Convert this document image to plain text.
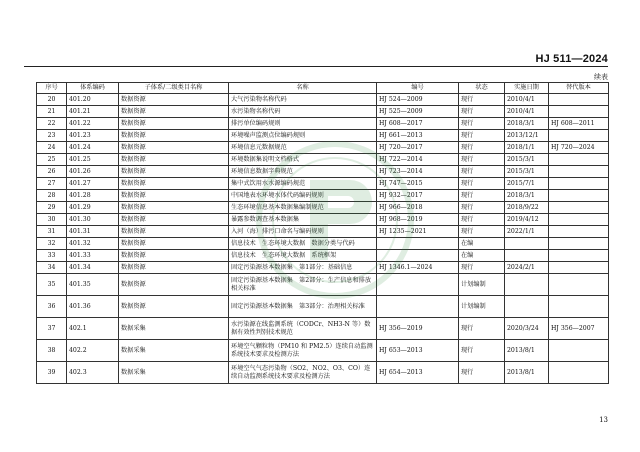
HJ 511—2024
续表
序号	体系编码	子体系/二级类目名称	名称	编号	状态	实施日期	替代版本
20	401.20	数据资源	大气污染物名称代码	HJ 524—2009	现行	2010/4/1	
21	401.21	数据资源	水污染物名称代码	HJ 525—2009	现行	2010/4/1	
22	401.22	数据资源	排污单位编码规则	HJ 608—2017	现行	2018/3/1	HJ 608—2011
23	401.23	数据资源	环境噪声监测点位编码规则	HJ 661—2013	现行	2013/12/1	
24	401.24	数据资源	环境信息元数据规范	HJ 720—2017	现行	2018/1/1	HJ 720—2024
25	401.25	数据资源	环境数据集说明文档格式	HJ 722—2014	现行	2015/3/1	
26	401.26	数据资源	环境信息数据字典规范	HJ 723—2014	现行	2015/3/1	
27	401.27	数据资源	集中式饮用水水源编码规范	HJ 747—2015	现行	2015/7/1	
28	401.28	数据资源	中国地表水环境水体代码编码规则	HJ 932—2017	现行	2018/3/1	
29	401.29	数据资源	生态环境信息基本数据集编制规范	HJ 966—2018	现行	2018/9/22	
30	401.30	数据资源	暴露参数调查基本数据集	HJ 968—2019	现行	2019/4/12	
31	401.31	数据资源	入河（海）排污口命名与编码规则	HJ 1235—2021	现行	2022/1/1	
32	401.32	数据资源	信息技术　生态环境大数据　数据分类与代码		在编		
33	401.33	数据资源	信息技术　生态环境大数据　系统框架		在编		
34	401.34	数据资源	固定污染源基本数据集　第1部分：基础信息	HJ 1346.1—2024	现行	2024/2/1	
35	401.35	数据资源	固定污染源基本数据集　第2部分：生产信息和排放相关标准		计划编制		
36	401.36	数据资源	固定污染源基本数据集　第3部分：治理相关标准		计划编制		
37	402.1	数据采集	水污染源在线监测系统（CODCr、NH3-N 等）数据有效性判别技术规范	HJ 356—2019	现行	2020/3/24	HJ 356—2007
38	402.2	数据采集	环境空气颗粒物（PM10 和 PM2.5）连续自动监测系统技术要求及检测方法	HJ 653—2013	现行	2013/8/1	
39	402.3	数据采集	环境空气气态污染物（SO2、NO2、O3、CO）连续自动监测系统技术要求及检测方法	HJ 654—2013	现行	2013/8/1	
13
